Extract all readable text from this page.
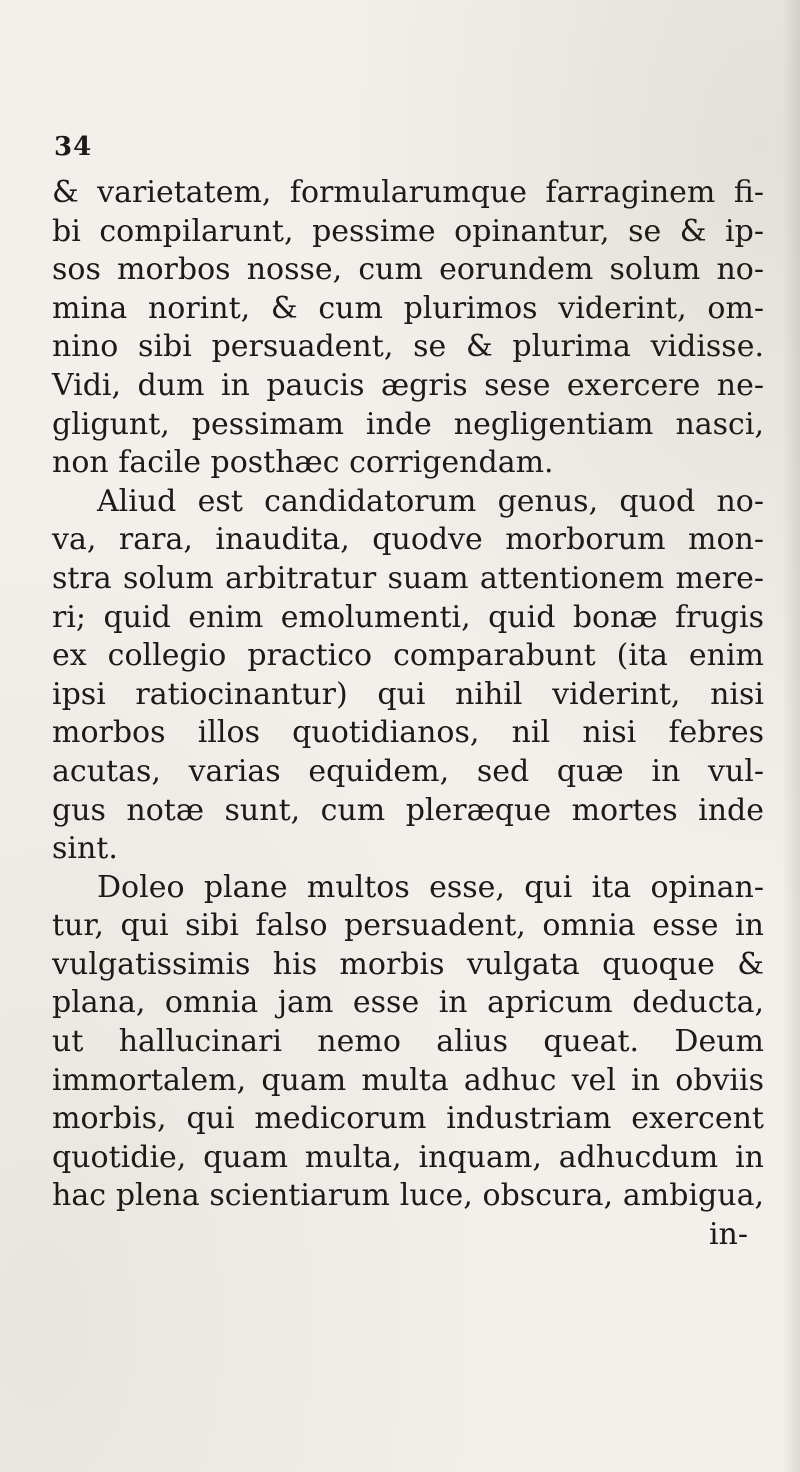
34
& varietatem, formularumque farraginem fi-
bi compilarunt, pessime opinantur, se & ip-
sos morbos nosse, cum eorundem solum no-
mina norint, & cum plurimos viderint, om-
nino sibi persuadent, se & plurima vidisse.
Vidi, dum in paucis ægris sese exercere ne-
gligunt, pessimam inde negligentiam nasci,
non facile posthæc corrigendam.
Aliud est candidatorum genus, quod no-
va, rara, inaudita, quodve morborum mon-
stra solum arbitratur suam attentionem mere-
ri; quid enim emolumenti, quid bonæ frugis
ex collegio practico comparabunt (ita enim
ipsi ratiocinantur) qui nihil viderint, nisi
morbos illos quotidianos, nil nisi febres
acutas, varias equidem, sed quæ in vul-
gus notæ sunt, cum pleræque mortes inde
sint.
Doleo plane multos esse, qui ita opinan-
tur, qui sibi falso persuadent, omnia esse in
vulgatissimis his morbis vulgata quoque &
plana, omnia jam esse in apricum deducta,
ut hallucinari nemo alius queat. Deum
immortalem, quam multa adhuc vel in obviis
morbis, qui medicorum industriam exercent
quotidie, quam multa, inquam, adhucdum in
hac plena scientiarum luce, obscura, ambigua,
in-
